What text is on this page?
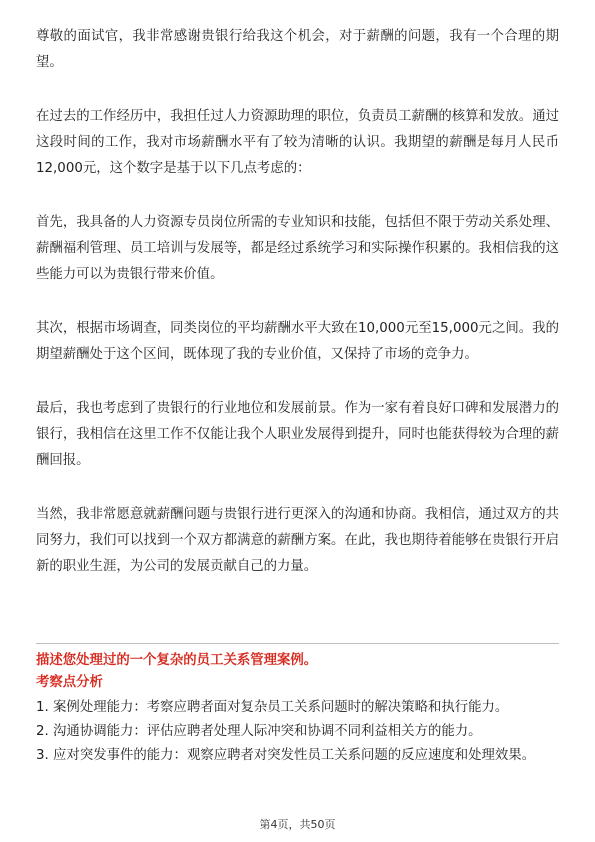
尊敬的面试官，我非常感谢贵银行给我这个机会，对于薪酬的问题，我有一个合理的期望。

在过去的工作经历中，我担任过人力资源助理的职位，负责员工薪酬的核算和发放。通过这段时间的工作，我对市场薪酬水平有了较为清晰的认识。我期望的薪酬是每月人民币12,000元，这个数字是基于以下几点考虑的：

首先，我具备的人力资源专员岗位所需的专业知识和技能，包括但不限于劳动关系处理、薪酬福利管理、员工培训与发展等，都是经过系统学习和实际操作积累的。我相信我的这些能力可以为贵银行带来价值。

其次，根据市场调查，同类岗位的平均薪酬水平大致在10,000元至15,000元之间。我的期望薪酬处于这个区间，既体现了我的专业价值，又保持了市场的竞争力。

最后，我也考虑到了贵银行的行业地位和发展前景。作为一家有着良好口碑和发展潜力的银行，我相信在这里工作不仅能让我个人职业发展得到提升，同时也能获得较为合理的薪酬回报。

当然，我非常愿意就薪酬问题与贵银行进行更深入的沟通和协商。我相信，通过双方的共同努力，我们可以找到一个双方都满意的薪酬方案。在此，我也期待着能够在贵银行开启新的职业生涯，为公司的发展贡献自己的力量。

描述您处理过的一个复杂的员工关系管理案例。

考察点分析

1. 案例处理能力：考察应聘者面对复杂员工关系问题时的解决策略和执行能力。

2. 沟通协调能力：评估应聘者处理人际冲突和协调不同利益相关方的能力。

3. 应对突发事件的能力：观察应聘者对突发性员工关系问题的反应速度和处理效果。

第4页，共50页
